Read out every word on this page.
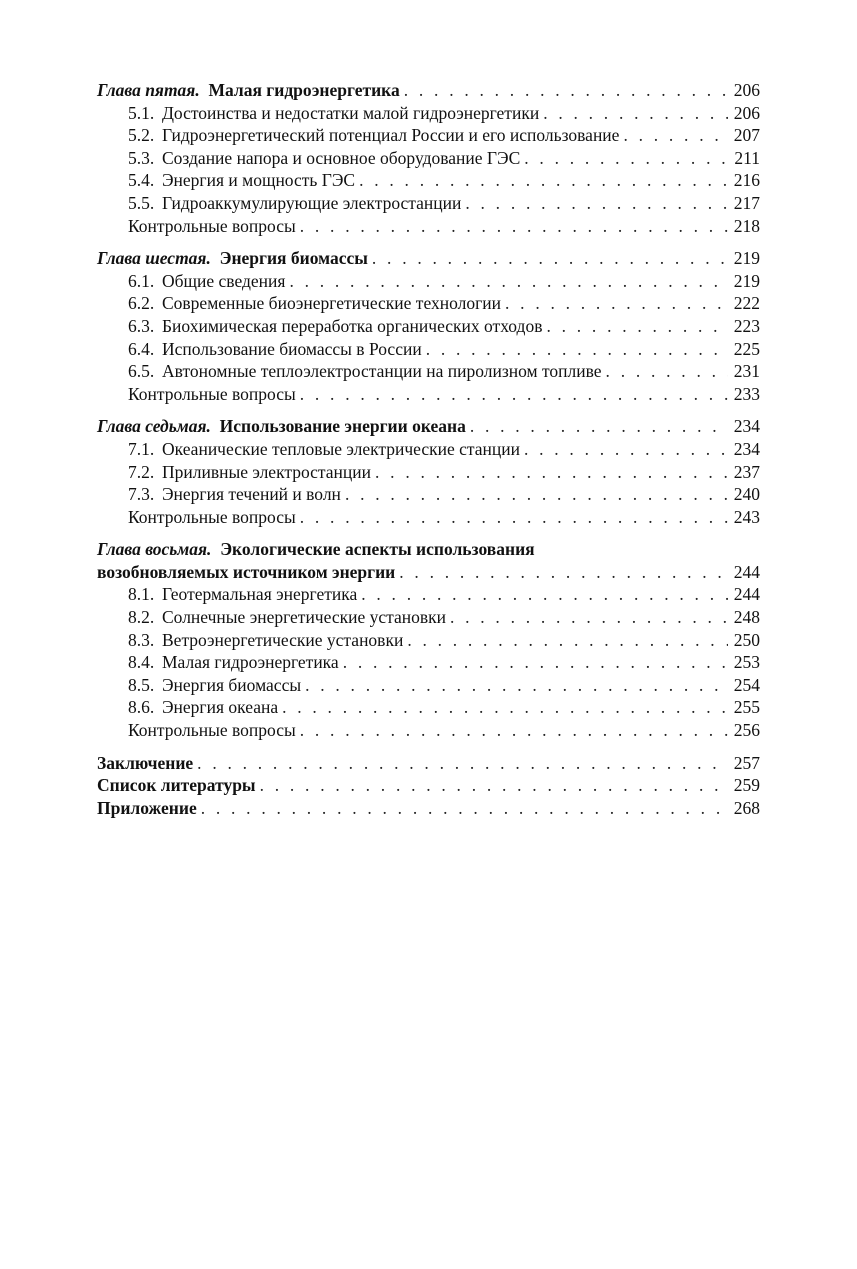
Глава пятая. Малая гидроэнергетика . . .	206
5.1. Достоинства и недостатки малой гидроэнергетики . . .	206
5.2. Гидроэнергетический потенциал России и его использование . . .	207
5.3. Создание напора и основное оборудование ГЭС . . .	211
5.4. Энергия и мощность ГЭС . . .	216
5.5. Гидроаккумулирующие электростанции . . .	217
Контрольные вопросы . . .	218
Глава шестая. Энергия биомассы . . .	219
6.1. Общие сведения . . .	219
6.2. Современные биоэнергетические технологии . . .	222
6.3. Биохимическая переработка органических отходов . . .	223
6.4. Использование биомассы в России . . .	225
6.5. Автономные теплоэлектростанции на пиролизном топливе . . .	231
Контрольные вопросы . . .	233
Глава седьмая. Использование энергии океана . . .	234
7.1. Океанические тепловые электрические станции . . .	234
7.2. Приливные электростанции . . .	237
7.3. Энергия течений и волн . . .	240
Контрольные вопросы . . .	243
Глава восьмая. Экологические аспекты использования
возобновляемых источником энергии . . .	244
8.1. Геотермальная энергетика . . .	244
8.2. Солнечные энергетические установки . . .	248
8.3. Ветроэнергетические установки . . .	250
8.4. Малая гидроэнергетика . . .	253
8.5. Энергия биомассы . . .	254
8.6. Энергия океана . . .	255
Контрольные вопросы . . .	256
Заключение . . .	257
Список литературы . . .	259
Приложение . . .	268
